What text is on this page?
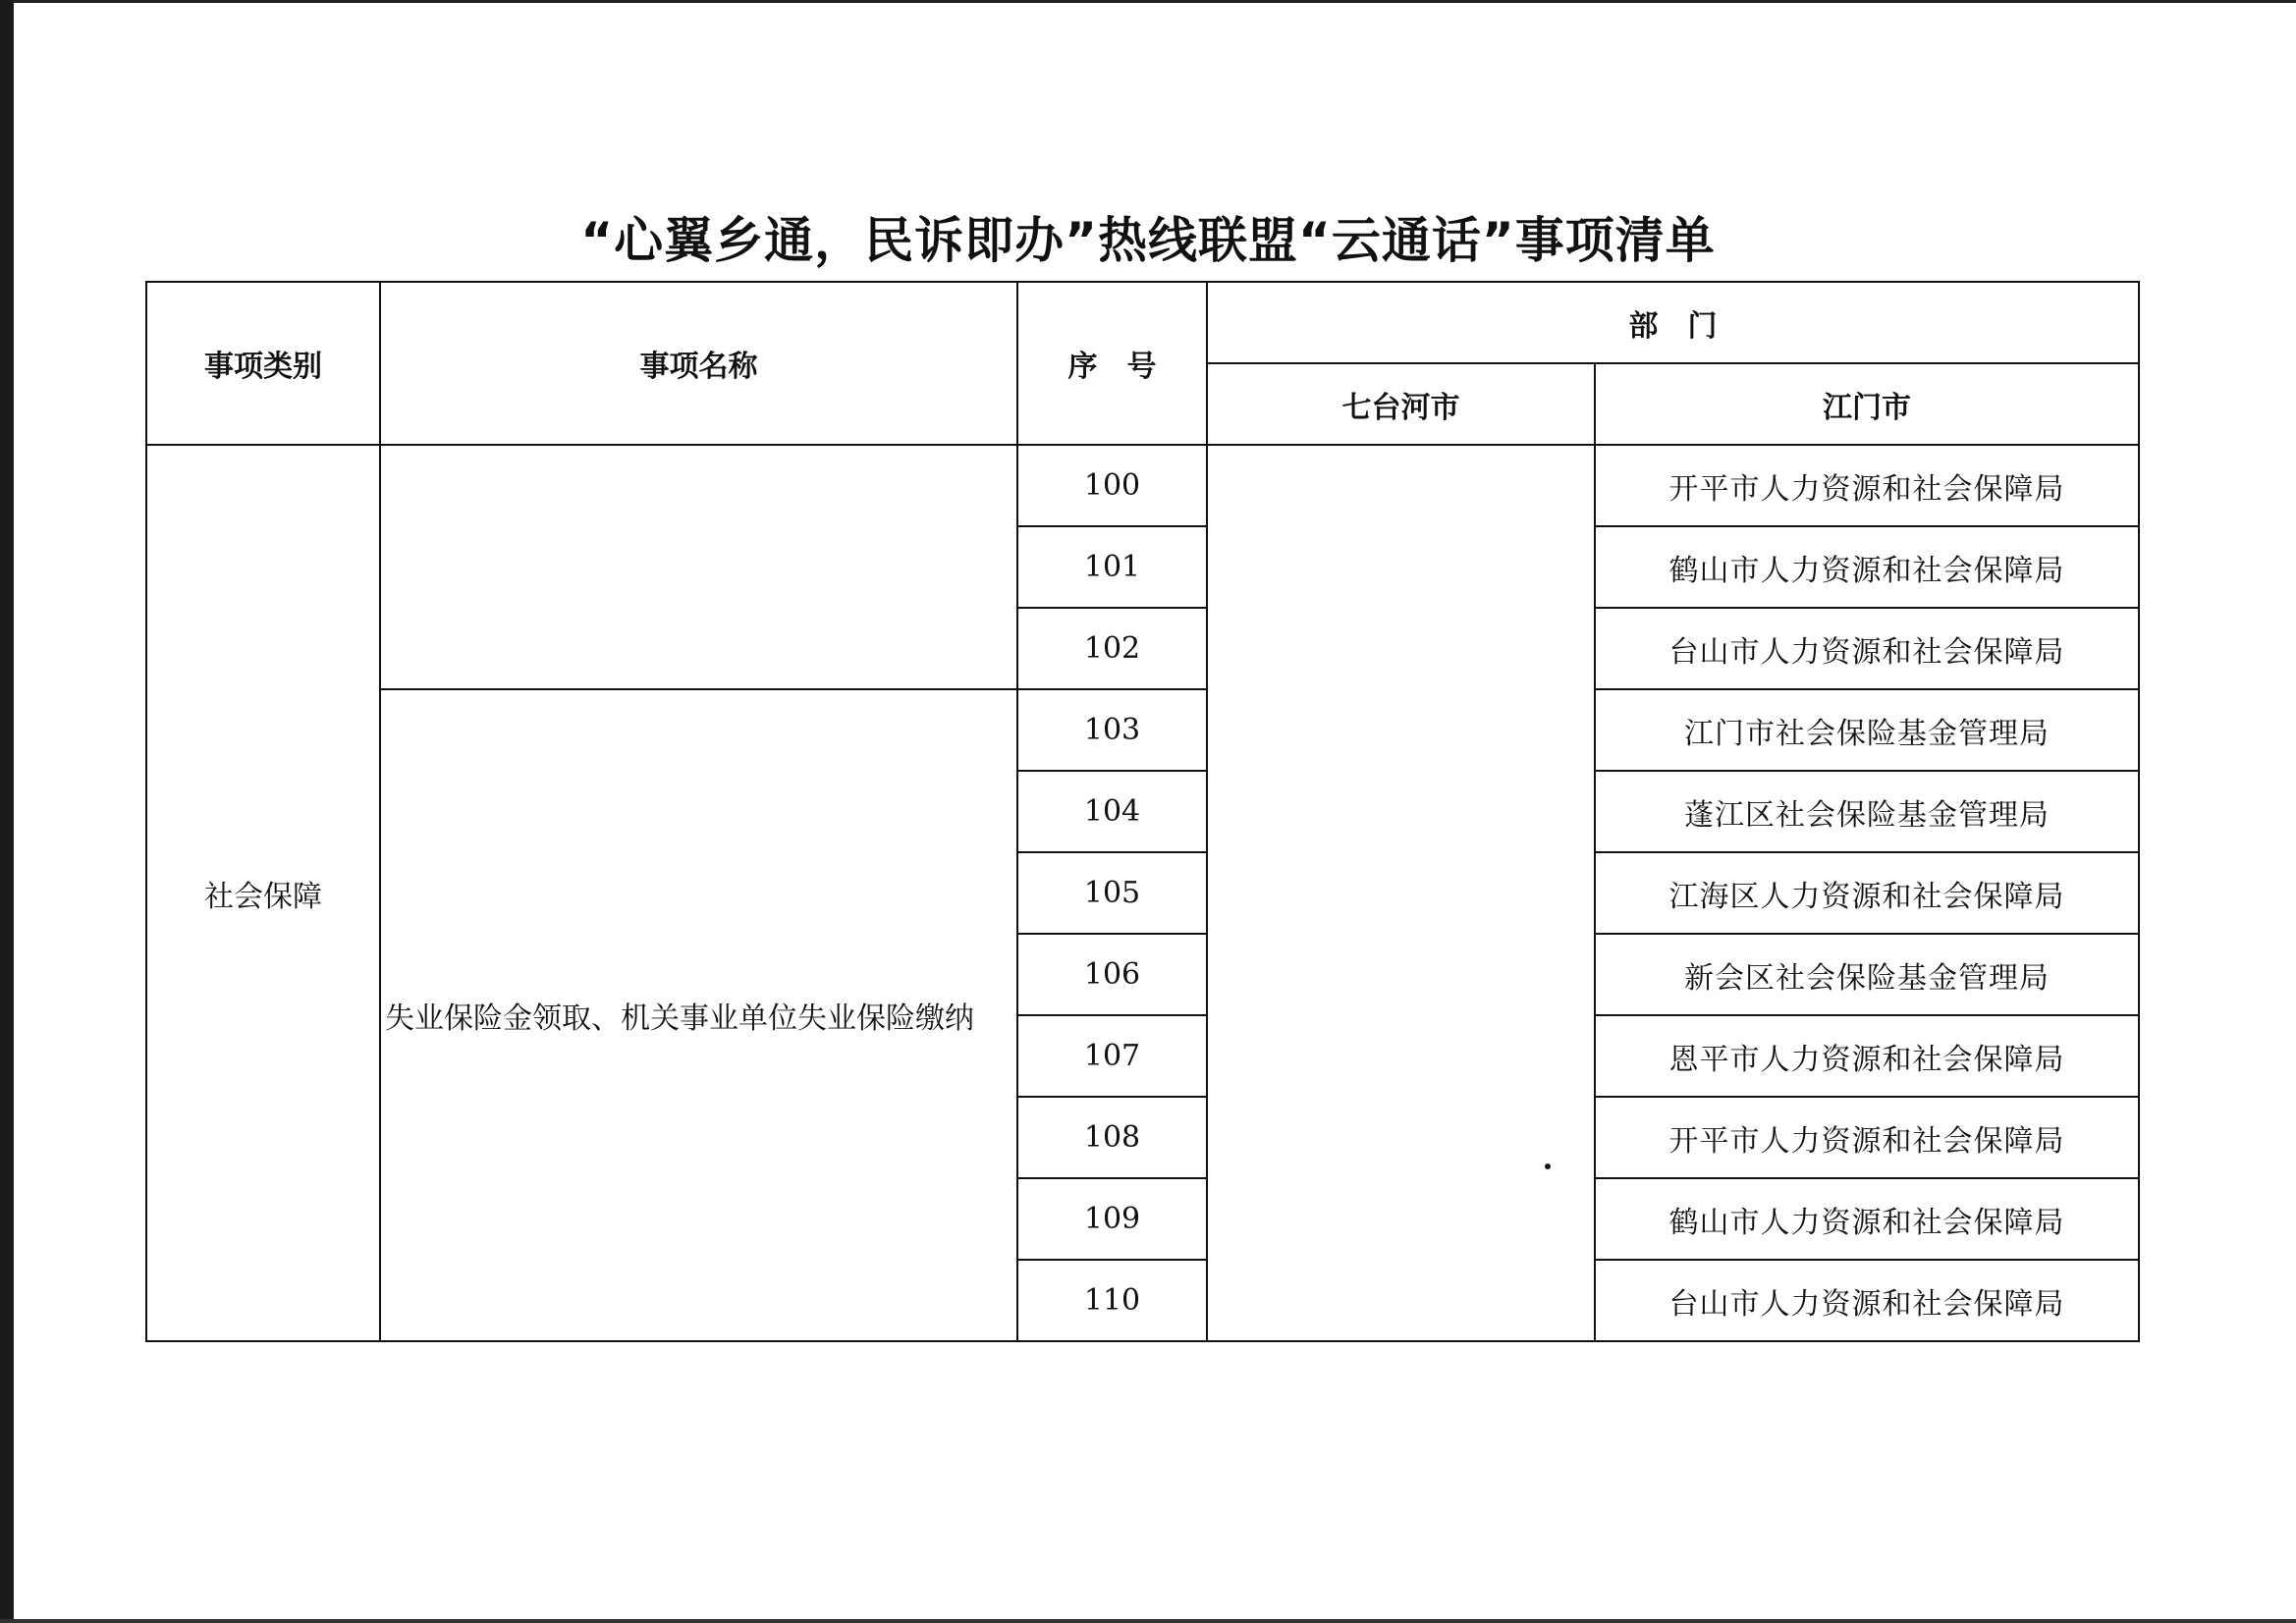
“心翼乡通，民诉即办”热线联盟“云通话”事项清单
事项类别	事项名称	序　号	部　门	
			七台河市	江门市
社会保障		100		开平市人力资源和社会保障局
		101		鹤山市人力资源和社会保障局
		102		台山市人力资源和社会保障局
	失业保险金领取、机关事业单位失业保险缴纳	103		江门市社会保险基金管理局
		104		蓬江区社会保险基金管理局
		105		江海区人力资源和社会保障局
		106		新会区社会保险基金管理局
		107		恩平市人力资源和社会保障局
		108		开平市人力资源和社会保障局
		109		鹤山市人力资源和社会保障局
		110		台山市人力资源和社会保障局
